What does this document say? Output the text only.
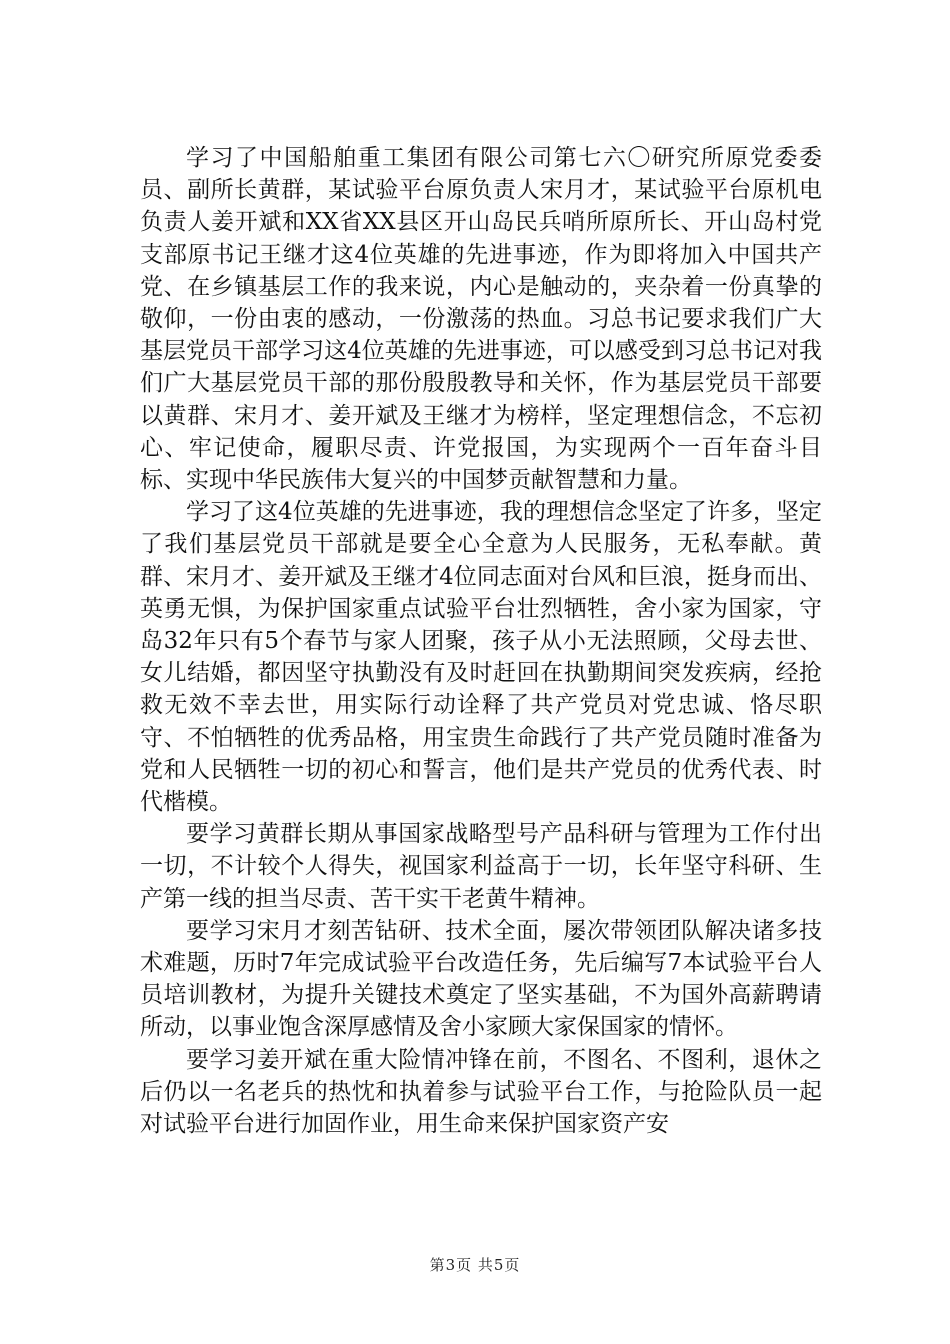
学习了中国船舶重工集团有限公司第七六〇研究所原党委委员、副所长黄群，某试验平台原负责人宋月才，某试验平台原机电负责人姜开斌和XX省XX县区开山岛民兵哨所原所长、开山岛村党支部原书记王继才这4位英雄的先进事迹，作为即将加入中国共产党、在乡镇基层工作的我来说，内心是触动的，夹杂着一份真挚的敬仰，一份由衷的感动，一份激荡的热血。习总书记要求我们广大基层党员干部学习这4位英雄的先进事迹，可以感受到习总书记对我们广大基层党员干部的那份殷殷教导和关怀，作为基层党员干部要以黄群、宋月才、姜开斌及王继才为榜样，坚定理想信念，不忘初心、牢记使命，履职尽责、许党报国，为实现两个一百年奋斗目标、实现中华民族伟大复兴的中国梦贡献智慧和力量。

学习了这4位英雄的先进事迹，我的理想信念坚定了许多，坚定了我们基层党员干部就是要全心全意为人民服务，无私奉献。黄群、宋月才、姜开斌及王继才4位同志面对台风和巨浪，挺身而出、英勇无惧，为保护国家重点试验平台壮烈牺牲，舍小家为国家，守岛32年只有5个春节与家人团聚，孩子从小无法照顾，父母去世、女儿结婚，都因坚守执勤没有及时赶回在执勤期间突发疾病，经抢救无效不幸去世，用实际行动诠释了共产党员对党忠诚、恪尽职守、不怕牺牲的优秀品格，用宝贵生命践行了共产党员随时准备为党和人民牺牲一切的初心和誓言，他们是共产党员的优秀代表、时代楷模。

要学习黄群长期从事国家战略型号产品科研与管理为工作付出一切，不计较个人得失，视国家利益高于一切，长年坚守科研、生产第一线的担当尽责、苦干实干老黄牛精神。

要学习宋月才刻苦钻研、技术全面，屡次带领团队解决诸多技术难题，历时7年完成试验平台改造任务，先后编写7本试验平台人员培训教材，为提升关键技术奠定了坚实基础，不为国外高薪聘请所动，以事业饱含深厚感情及舍小家顾大家保国家的情怀。

要学习姜开斌在重大险情冲锋在前，不图名、不图利，退休之后仍以一名老兵的热忱和执着参与试验平台工作，与抢险队员一起对试验平台进行加固作业，用生命来保护国家资产安

第3页 共5页
